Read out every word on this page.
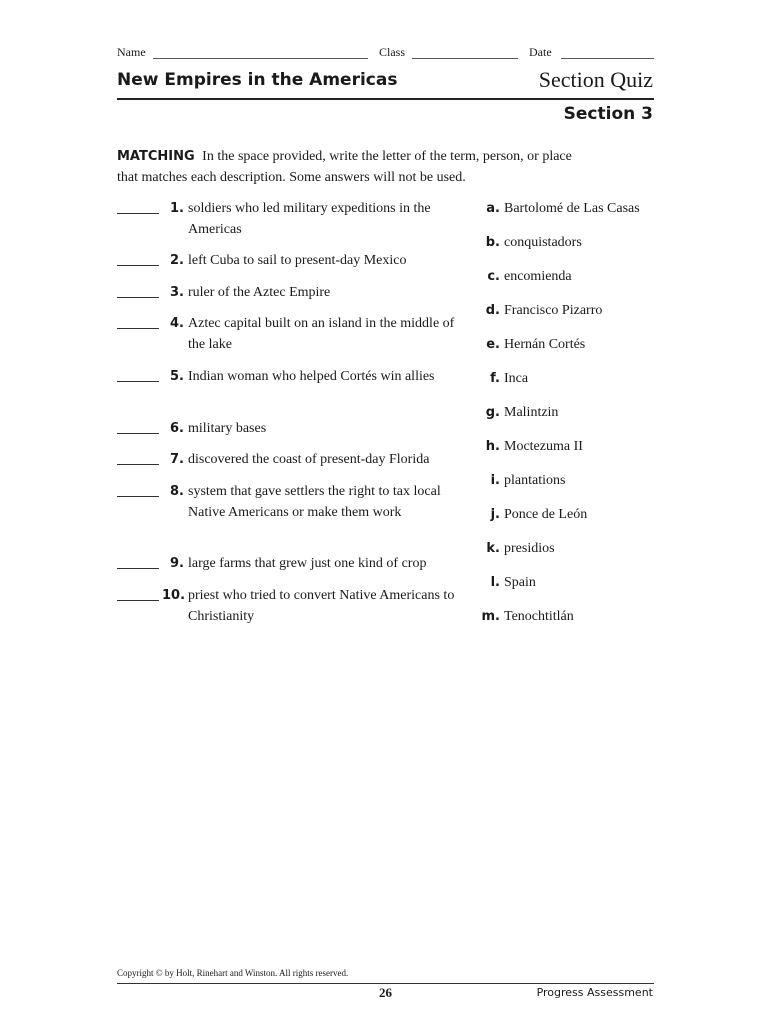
Name	Class	Date
New Empires in the Americas	Section Quiz
Section 3
MATCHING In the space provided, write the letter of the term, person, or place that matches each description. Some answers will not be used.
1. soldiers who led military expeditions in the Americas
2. left Cuba to sail to present-day Mexico
3. ruler of the Aztec Empire
4. Aztec capital built on an island in the middle of the lake
5. Indian woman who helped Cortés win allies
6. military bases
7. discovered the coast of present-day Florida
8. system that gave settlers the right to tax local Native Americans or make them work
9. large farms that grew just one kind of crop
10. priest who tried to convert Native Americans to Christianity
a. Bartolomé de Las Casas
b. conquistadors
c. encomienda
d. Francisco Pizarro
e. Hernán Cortés
f. Inca
g. Malintzin
h. Moctezuma II
i. plantations
j. Ponce de León
k. presidios
l. Spain
m. Tenochtitlán
Copyright © by Holt, Rinehart and Winston. All rights reserved.
26	Progress Assessment
